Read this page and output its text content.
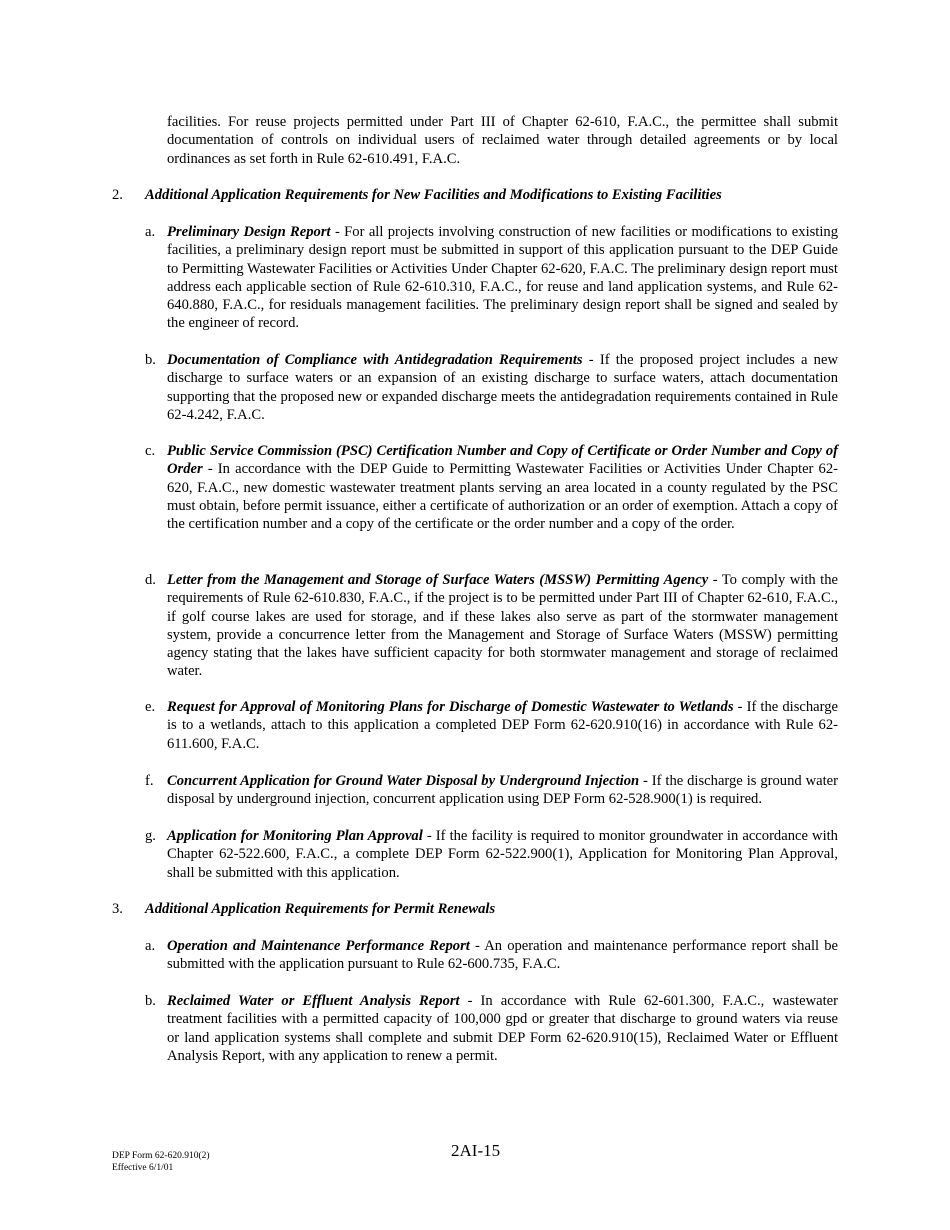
facilities. For reuse projects permitted under Part III of Chapter 62-610, F.A.C., the permittee shall submit documentation of controls on individual users of reclaimed water through detailed agreements or by local ordinances as set forth in Rule 62-610.491, F.A.C.

2. Additional Application Requirements for New Facilities and Modifications to Existing Facilities
a. Preliminary Design Report - For all projects involving construction of new facilities or modifications to existing facilities, a preliminary design report must be submitted in support of this application pursuant to the DEP Guide to Permitting Wastewater Facilities or Activities Under Chapter 62-620, F.A.C. The preliminary design report must address each applicable section of Rule 62-610.310, F.A.C., for reuse and land application systems, and Rule 62-640.880, F.A.C., for residuals management facilities. The preliminary design report shall be signed and sealed by the engineer of record.

b. Documentation of Compliance with Antidegradation Requirements - If the proposed project includes a new discharge to surface waters or an expansion of an existing discharge to surface waters, attach documentation supporting that the proposed new or expanded discharge meets the antidegradation requirements contained in Rule 62-4.242, F.A.C.

c. Public Service Commission (PSC) Certification Number and Copy of Certificate or Order Number and Copy of Order - In accordance with the DEP Guide to Permitting Wastewater Facilities or Activities Under Chapter 62-620, F.A.C., new domestic wastewater treatment plants serving an area located in a county regulated by the PSC must obtain, before permit issuance, either a certificate of authorization or an order of exemption. Attach a copy of the certification number and a copy of the certificate or the order number and a copy of the order.

d. Letter from the Management and Storage of Surface Waters (MSSW) Permitting Agency - To comply with the requirements of Rule 62-610.830, F.A.C., if the project is to be permitted under Part III of Chapter 62-610, F.A.C., if golf course lakes are used for storage, and if these lakes also serve as part of the stormwater management system, provide a concurrence letter from the Management and Storage of Surface Waters (MSSW) permitting agency stating that the lakes have sufficient capacity for both stormwater management and storage of reclaimed water.

e. Request for Approval of Monitoring Plans for Discharge of Domestic Wastewater to Wetlands - If the discharge is to a wetlands, attach to this application a completed DEP Form 62-620.910(16) in accordance with Rule 62-611.600, F.A.C.

f. Concurrent Application for Ground Water Disposal by Underground Injection - If the discharge is ground water disposal by underground injection, concurrent application using DEP Form 62-528.900(1) is required.

g. Application for Monitoring Plan Approval - If the facility is required to monitor groundwater in accordance with Chapter 62-522.600, F.A.C., a complete DEP Form 62-522.900(1), Application for Monitoring Plan Approval, shall be submitted with this application.

3. Additional Application Requirements for Permit Renewals
a. Operation and Maintenance Performance Report - An operation and maintenance performance report shall be submitted with the application pursuant to Rule 62-600.735, F.A.C.

b. Reclaimed Water or Effluent Analysis Report - In accordance with Rule 62-601.300, F.A.C., wastewater treatment facilities with a permitted capacity of 100,000 gpd or greater that discharge to ground waters via reuse or land application systems shall complete and submit DEP Form 62-620.910(15), Reclaimed Water or Effluent Analysis Report, with any application to renew a permit.

DEP Form 62-620.910(2)
Effective 6/1/01
2AI-15
